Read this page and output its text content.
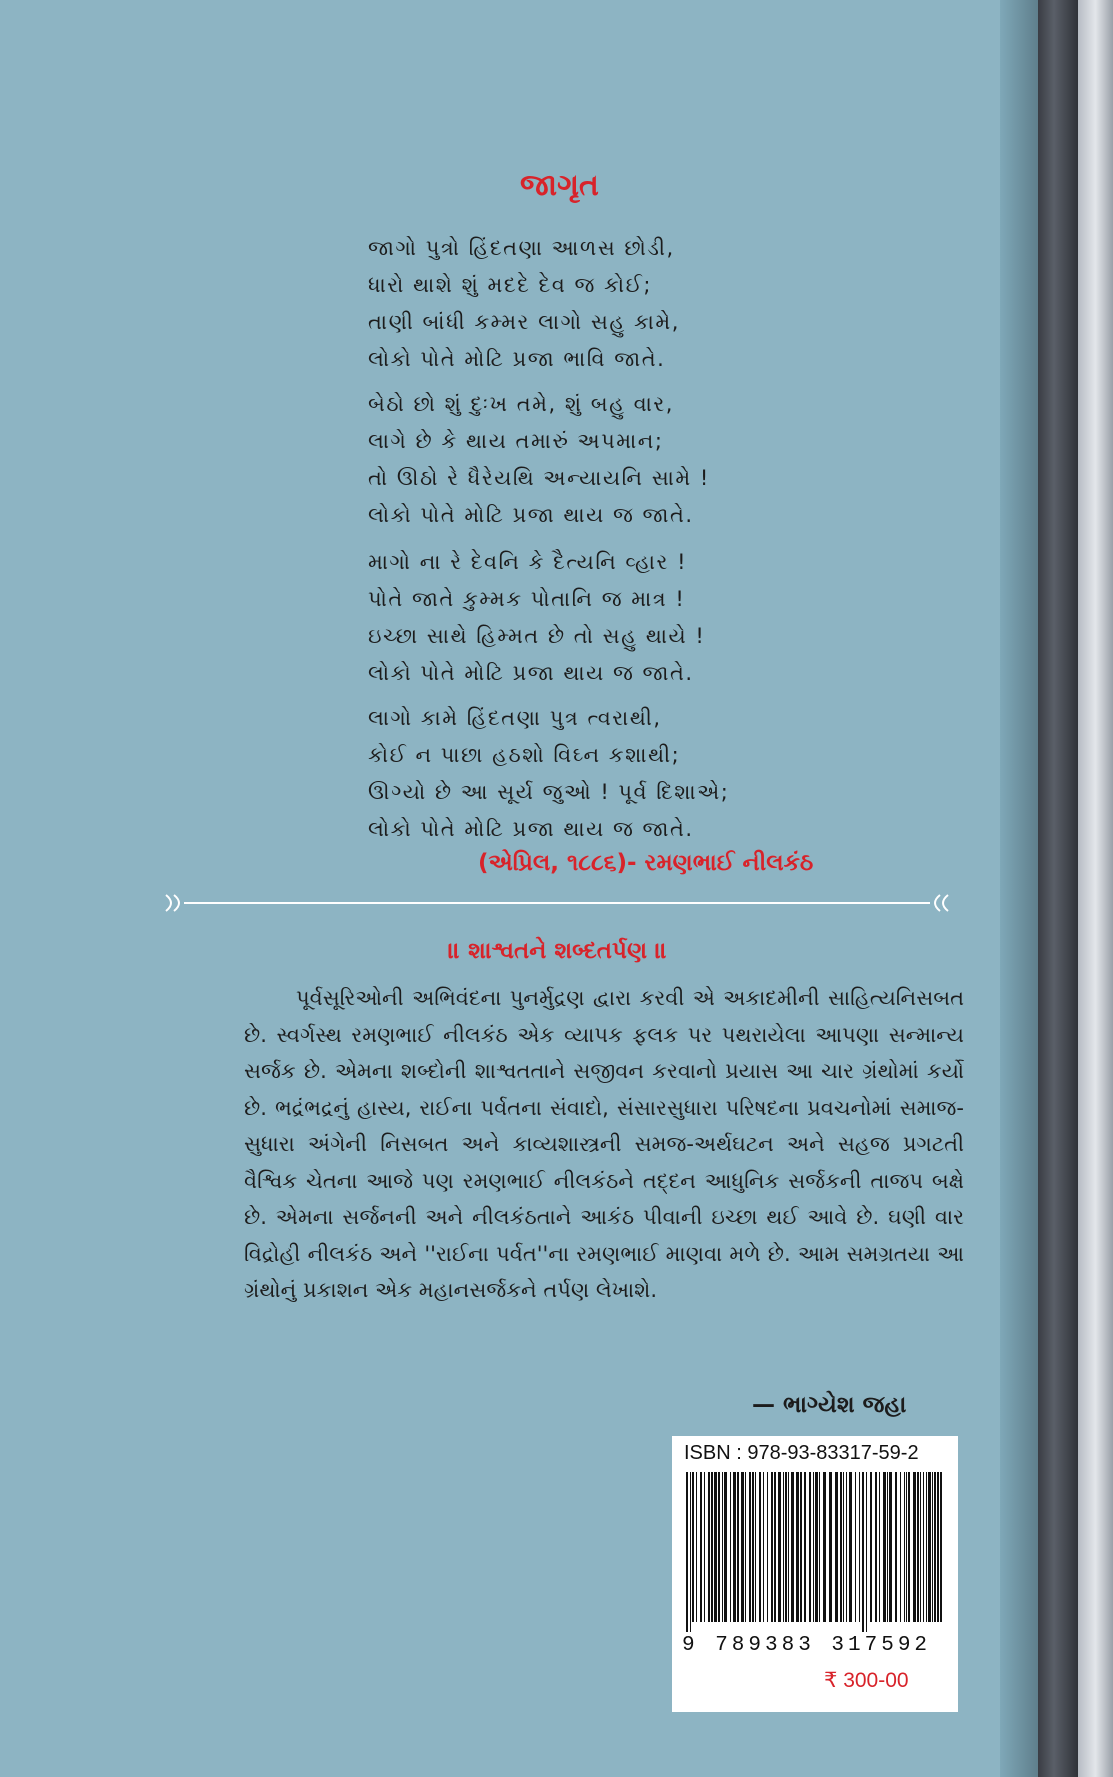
જાગૃત
જાગો પુત્રો હિંદતણા આળસ છોડી,
ધારો થાશે શું મદદે દેવ જ કોઈ;
તાણી બાંધી કમ્મર લાગો સહુ કામે,
લોકો પોતે મોટિ પ્રજા ભાવિ જાતે.
બેઠો છો શું દુઃખ તમે, શું બહુ વાર,
લાગે છે કે થાય તમારું અપમાન;
તો ઊઠો રે ધૈરેયથિ અન્યાયનિ સામે !
લોકો પોતે મોટિ પ્રજા થાય જ જાતે.
માગો ના રે દેવનિ કે દૈત્યનિ વ્હાર !
પોતે જાતે કુમ્મક પોતાનિ જ માત્ર !
ઇચ્છા સાથે હિમ્મત છે તો સહુ થાયે !
લોકો પોતે મોટિ પ્રજા થાય જ જાતે.
લાગો કામે હિંદતણા પુત્ર ત્વરાથી,
કોઈ ન પાછા હઠશો વિઘ્ન કશાથી;
ઊગ્યો છે આ સૂર્ય જુઓ ! પૂર્વ દિશાએ;
લોકો પોતે મોટિ પ્રજા થાય જ જાતે.
(એપ્રિલ, ૧૮૮૬)- રમણભાઈ નીલકંઠ
॥ શાશ્વતને શબ્દતર્પણ ॥
પૂર્વસૂરિઓની અભિવંદના પુનર્મુદ્રણ દ્વારા કરવી એ અકાદમીની સાહિત્યનિસબત છે. સ્વર્ગસ્થ રમણભાઈ નીલકંઠ એક વ્યાપક ફલક પર પથરાયેલા આપણા સન્માન્ય સર્જક છે. એમના શબ્દોની શાશ્વતતાને સજીવન કરવાનો પ્રયાસ આ ચાર ગ્રંથોમાં કર્યો છે. ભદ્રંભદ્રનું હાસ્ય, રાઈના પર્વતના સંવાદો, સંસારસુધારા પરિષદના પ્રવચનોમાં સમાજ- સુધારા અંગેની નિસબત અને કાવ્યશાસ્ત્રની સમજ-અર્થઘટન અને સહજ પ્રગટતી વૈશ્વિક ચેતના આજે પણ રમણભાઈ નીલકંઠને તદ્દન આધુનિક સર્જકની તાજપ બક્ષે છે. એમના સર્જનની અને નીલકંઠતાને આકંઠ પીવાની ઇચ્છા થઈ આવે છે. ઘણી વાર વિદ્રોહી નીલકંઠ અને ''રાઈના પર્વત''ના રમણભાઈ માણવા મળે છે. આમ સમગ્રતયા આ ગ્રંથોનું પ્રકાશન એક મહાનસર્જકને તર્પણ લેખાશે.
— ભાગ્યેશ જહા
ISBN : 978-93-83317-59-2
9 789383 317592
₹ 300-00
